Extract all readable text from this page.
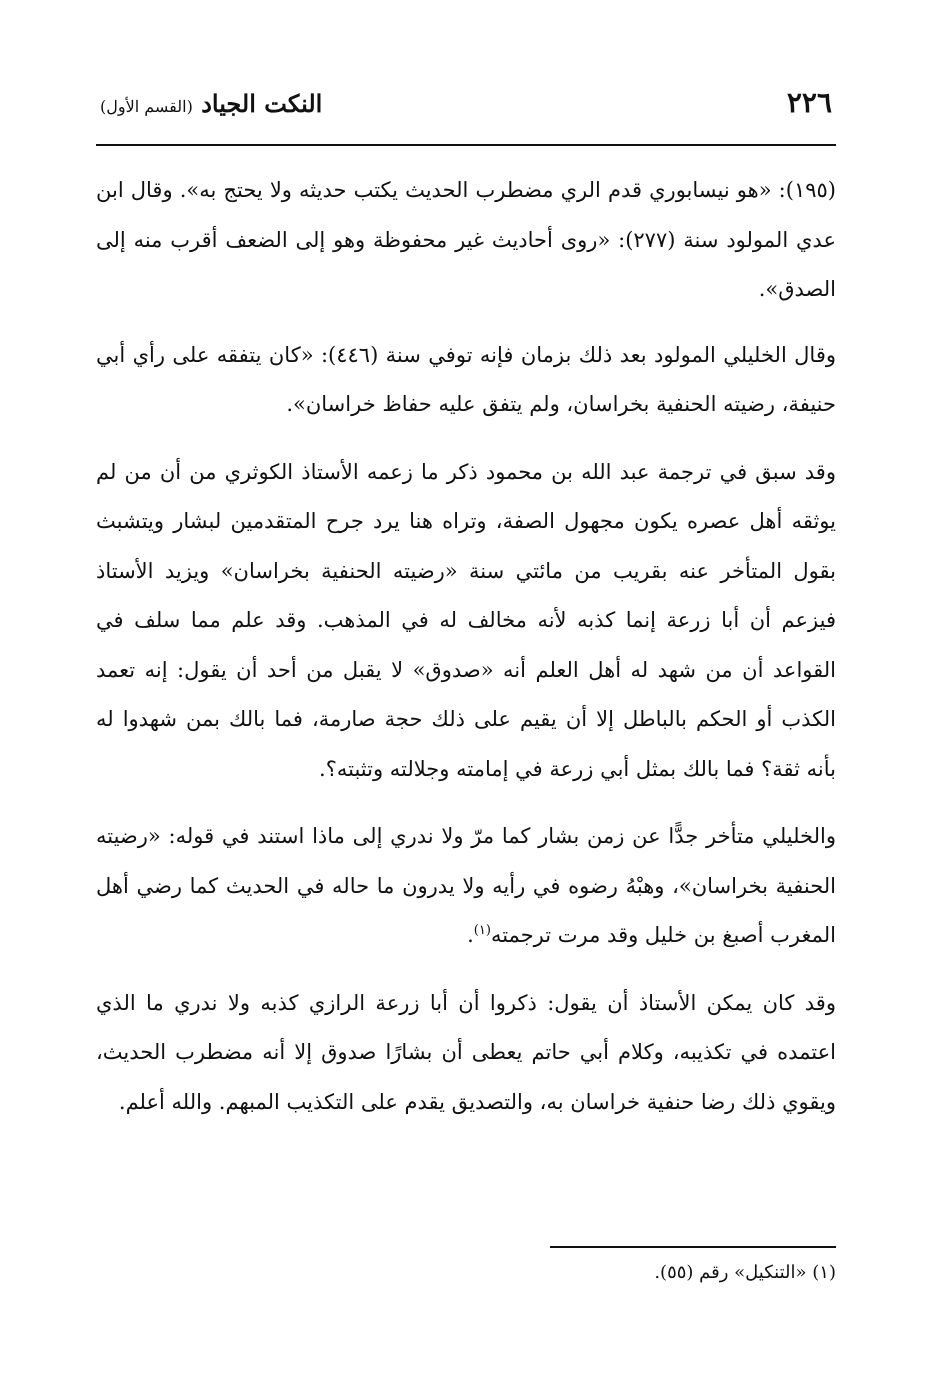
٢٢٦
النكت الجياد (القسم الأول)

(١٩٥): «هو نيسابوري قدم الري مضطرب الحديث يكتب حديثه ولا يحتج به». وقال ابن عدي المولود سنة (٢٧٧): «روى أحاديث غير محفوظة وهو إلى الضعف أقرب منه إلى الصدق».

وقال الخليلي المولود بعد ذلك بزمان فإنه توفي سنة (٤٤٦): «كان يتفقه على رأي أبي حنيفة، رضيته الحنفية بخراسان، ولم يتفق عليه حفاظ خراسان».

وقد سبق في ترجمة عبد الله بن محمود ذكر ما زعمه الأستاذ الكوثري من أن من لم يوثقه أهل عصره يكون مجهول الصفة، وتراه هنا يرد جرح المتقدمين لبشار ويتشبث بقول المتأخر عنه بقريب من مائتي سنة «رضيته الحنفية بخراسان» ويزيد الأستاذ فيزعم أن أبا زرعة إنما كذبه لأنه مخالف له في المذهب. وقد علم مما سلف في القواعد أن من شهد له أهل العلم أنه «صدوق» لا يقبل من أحد أن يقول: إنه تعمد الكذب أو الحكم بالباطل إلا أن يقيم على ذلك حجة صارمة، فما بالك بمن شهدوا له بأنه ثقة؟ فما بالك بمثل أبي زرعة في إمامته وجلالته وتثبته؟.

والخليلي متأخر جدًّا عن زمن بشار كما مرّ ولا ندري إلى ماذا استند في قوله: «رضيته الحنفية بخراسان»، وهبْهُ رضوه في رأيه ولا يدرون ما حاله في الحديث كما رضي أهل المغرب أصبغ بن خليل وقد مرت ترجمته$^{(١)}$.

وقد كان يمكن الأستاذ أن يقول: ذكروا أن أبا زرعة الرازي كذبه ولا ندري ما الذي اعتمده في تكذيبه، وكلام أبي حاتم يعطى أن بشارًا صدوق إلا أنه مضطرب الحديث، ويقوي ذلك رضا حنفية خراسان به، والتصديق يقدم على التكذيب المبهم. والله أعلم.

(١) «التنكيل» رقم (٥٥).
